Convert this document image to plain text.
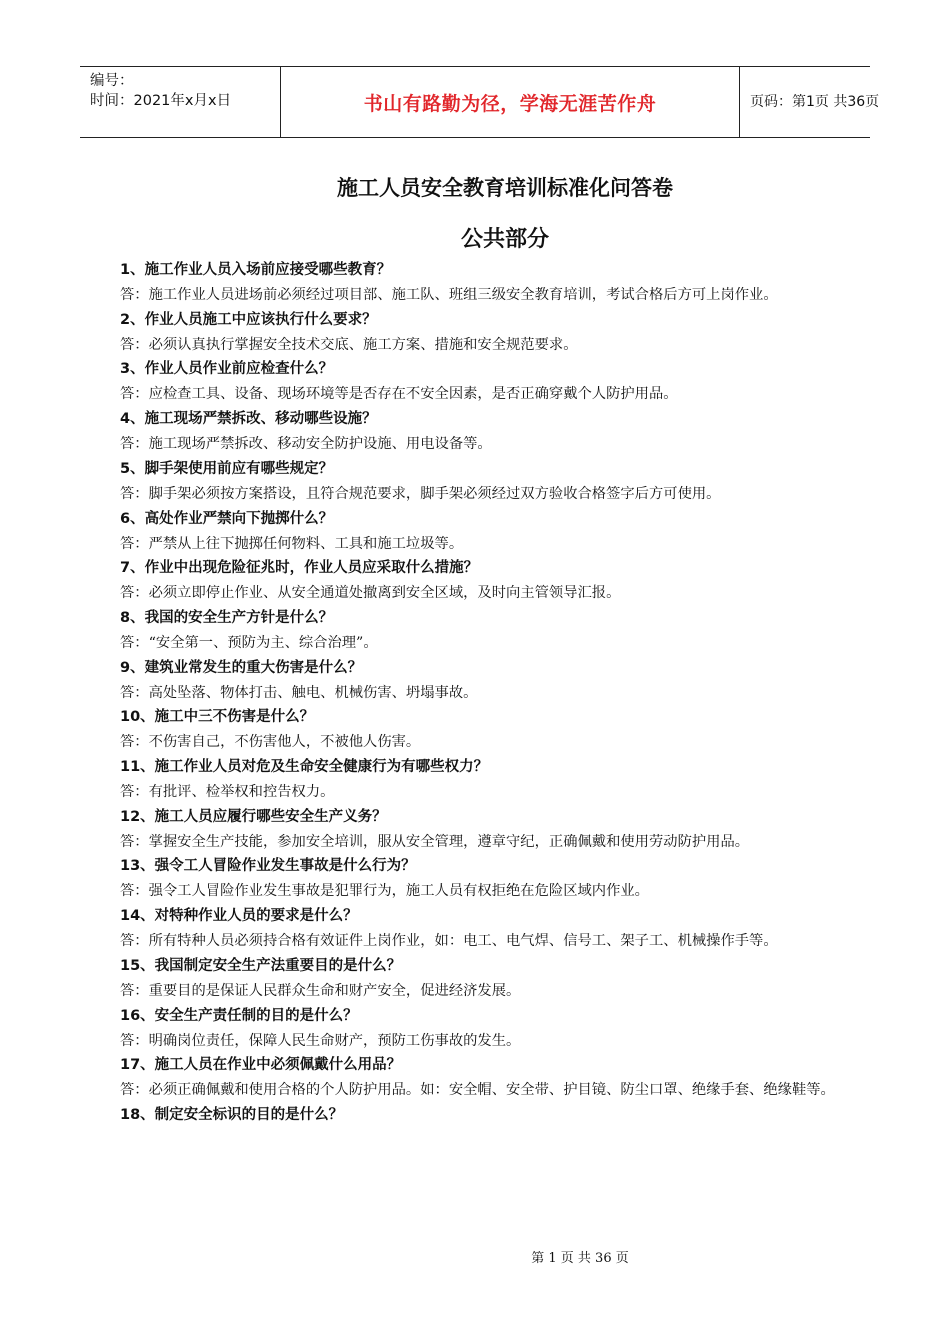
编号：
时间：2021年x月x日	书山有路勤为径，学海无涯苦作舟	页码：第1页 共36页
施工人员安全教育培训标准化问答卷
公共部分

1、施工作业人员入场前应接受哪些教育？

答：施工作业人员进场前必须经过项目部、施工队、班组三级安全教育培训，考试合格后方可上岗作业。

2、作业人员施工中应该执行什么要求？

答：必须认真执行掌握安全技术交底、施工方案、措施和安全规范要求。

3、作业人员作业前应检查什么？

答：应检查工具、设备、现场环境等是否存在不安全因素，是否正确穿戴个人防护用品。

4、施工现场严禁拆改、移动哪些设施？

答：施工现场严禁拆改、移动安全防护设施、用电设备等。

5、脚手架使用前应有哪些规定？

答：脚手架必须按方案搭设，且符合规范要求，脚手架必须经过双方验收合格签字后方可使用。

6、高处作业严禁向下抛掷什么？

答：严禁从上往下抛掷任何物料、工具和施工垃圾等。

7、作业中出现危险征兆时，作业人员应采取什么措施？

答：必须立即停止作业、从安全通道处撤离到安全区域，及时向主管领导汇报。

8、我国的安全生产方针是什么？

答：“安全第一、预防为主、综合治理”。

9、建筑业常发生的重大伤害是什么？

答：高处坠落、物体打击、触电、机械伤害、坍塌事故。

10、施工中三不伤害是什么？

答：不伤害自己，不伤害他人，不被他人伤害。

11、施工作业人员对危及生命安全健康行为有哪些权力？

答：有批评、检举权和控告权力。

12、施工人员应履行哪些安全生产义务？

答：掌握安全生产技能，参加安全培训，服从安全管理，遵章守纪，正确佩戴和使用劳动防护用品。

13、强令工人冒险作业发生事故是什么行为？

答：强令工人冒险作业发生事故是犯罪行为，施工人员有权拒绝在危险区域内作业。

14、对特种作业人员的要求是什么？

答：所有特种人员必须持合格有效证件上岗作业，如：电工、电气焊、信号工、架子工、机械操作手等。

15、我国制定安全生产法重要目的是什么？

答：重要目的是保证人民群众生命和财产安全，促进经济发展。

16、安全生产责任制的目的是什么？

答：明确岗位责任，保障人民生命财产，预防工伤事故的发生。

17、施工人员在作业中必须佩戴什么用品？

答：必须正确佩戴和使用合格的个人防护用品。如：安全帽、安全带、护目镜、防尘口罩、绝缘手套、绝缘鞋等。

18、制定安全标识的目的是什么？

第 1 页 共 36 页
